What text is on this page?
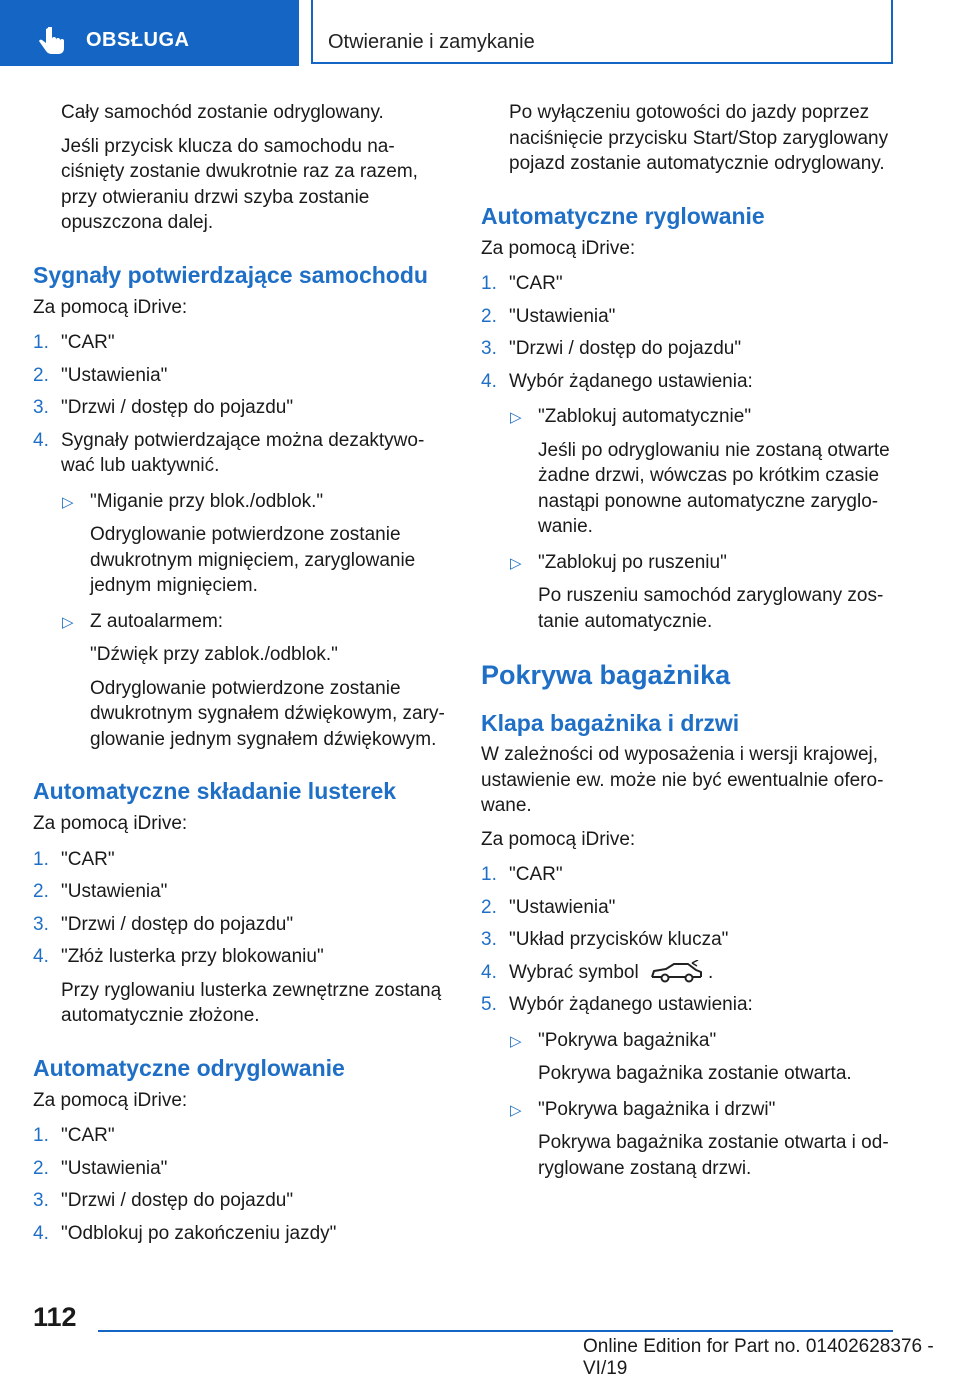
OBSŁUGA	Otwieranie i zamykanie

Cały samochód zostanie odryglowany.

Jeśli przycisk klucza do samochodu naciśnięty zostanie dwukrotnie raz za razem, przy otwieraniu drzwi szyba zostanie opuszczona dalej.

Sygnały potwierdzające samochodu

Za pomocą iDrive:

1. "CAR"
2. "Ustawienia"
3. "Drzwi / dostęp do pojazdu"
4. Sygnały potwierdzające można dezaktywować lub uaktywnić.
▷ "Miganie przy blok./odblok."

Odryglowanie potwierdzone zostanie dwukrotnym mignięciem, zaryglowanie jednym mignięciem.

▷ Z autoalarmem:

"Dźwięk przy zablok./odblok."

Odryglowanie potwierdzone zostanie dwukrotnym sygnałem dźwiękowym, zaryglowanie jednym sygnałem dźwiękowym.

Automatyczne składanie lusterek

Za pomocą iDrive:

1. "CAR"
2. "Ustawienia"
3. "Drzwi / dostęp do pojazdu"
4. "Złóż lusterka przy blokowaniu"

Przy ryglowaniu lusterka zewnętrzne zostaną automatycznie złożone.

Automatyczne odryglowanie

Za pomocą iDrive:

1. "CAR"
2. "Ustawienia"
3. "Drzwi / dostęp do pojazdu"
4. "Odblokuj po zakończeniu jazdy"

Po wyłączeniu gotowości do jazdy poprzez naciśnięcie przycisku Start/Stop zaryglowany pojazd zostanie automatycznie odryglowany.

Automatyczne ryglowanie

Za pomocą iDrive:

1. "CAR"
2. "Ustawienia"
3. "Drzwi / dostęp do pojazdu"
4. Wybór żądanego ustawienia:
▷ "Zablokuj automatycznie"

Jeśli po odryglowaniu nie zostaną otwarte żadne drzwi, wówczas po krótkim czasie nastąpi ponowne automatyczne zaryglowanie.

▷ "Zablokuj po ruszeniu"

Po ruszeniu samochód zaryglowany zostanie automatycznie.

Pokrywa bagażnika
Klapa bagażnika i drzwi

W zależności od wyposażenia i wersji krajowej, ustawienie ew. może nie być ewentualnie oferowane.

Za pomocą iDrive:

1. "CAR"
2. "Ustawienia"
3. "Układ przycisków klucza"
4. Wybrać symbol	.
5. Wybór żądanego ustawienia:
▷ "Pokrywa bagażnika"

Pokrywa bagażnika zostanie otwarta.

▷ "Pokrywa bagażnika i drzwi"

Pokrywa bagażnika zostanie otwarta i odryglowane zostaną drzwi.

112
Online Edition for Part no. 01402628376 - VI/19
